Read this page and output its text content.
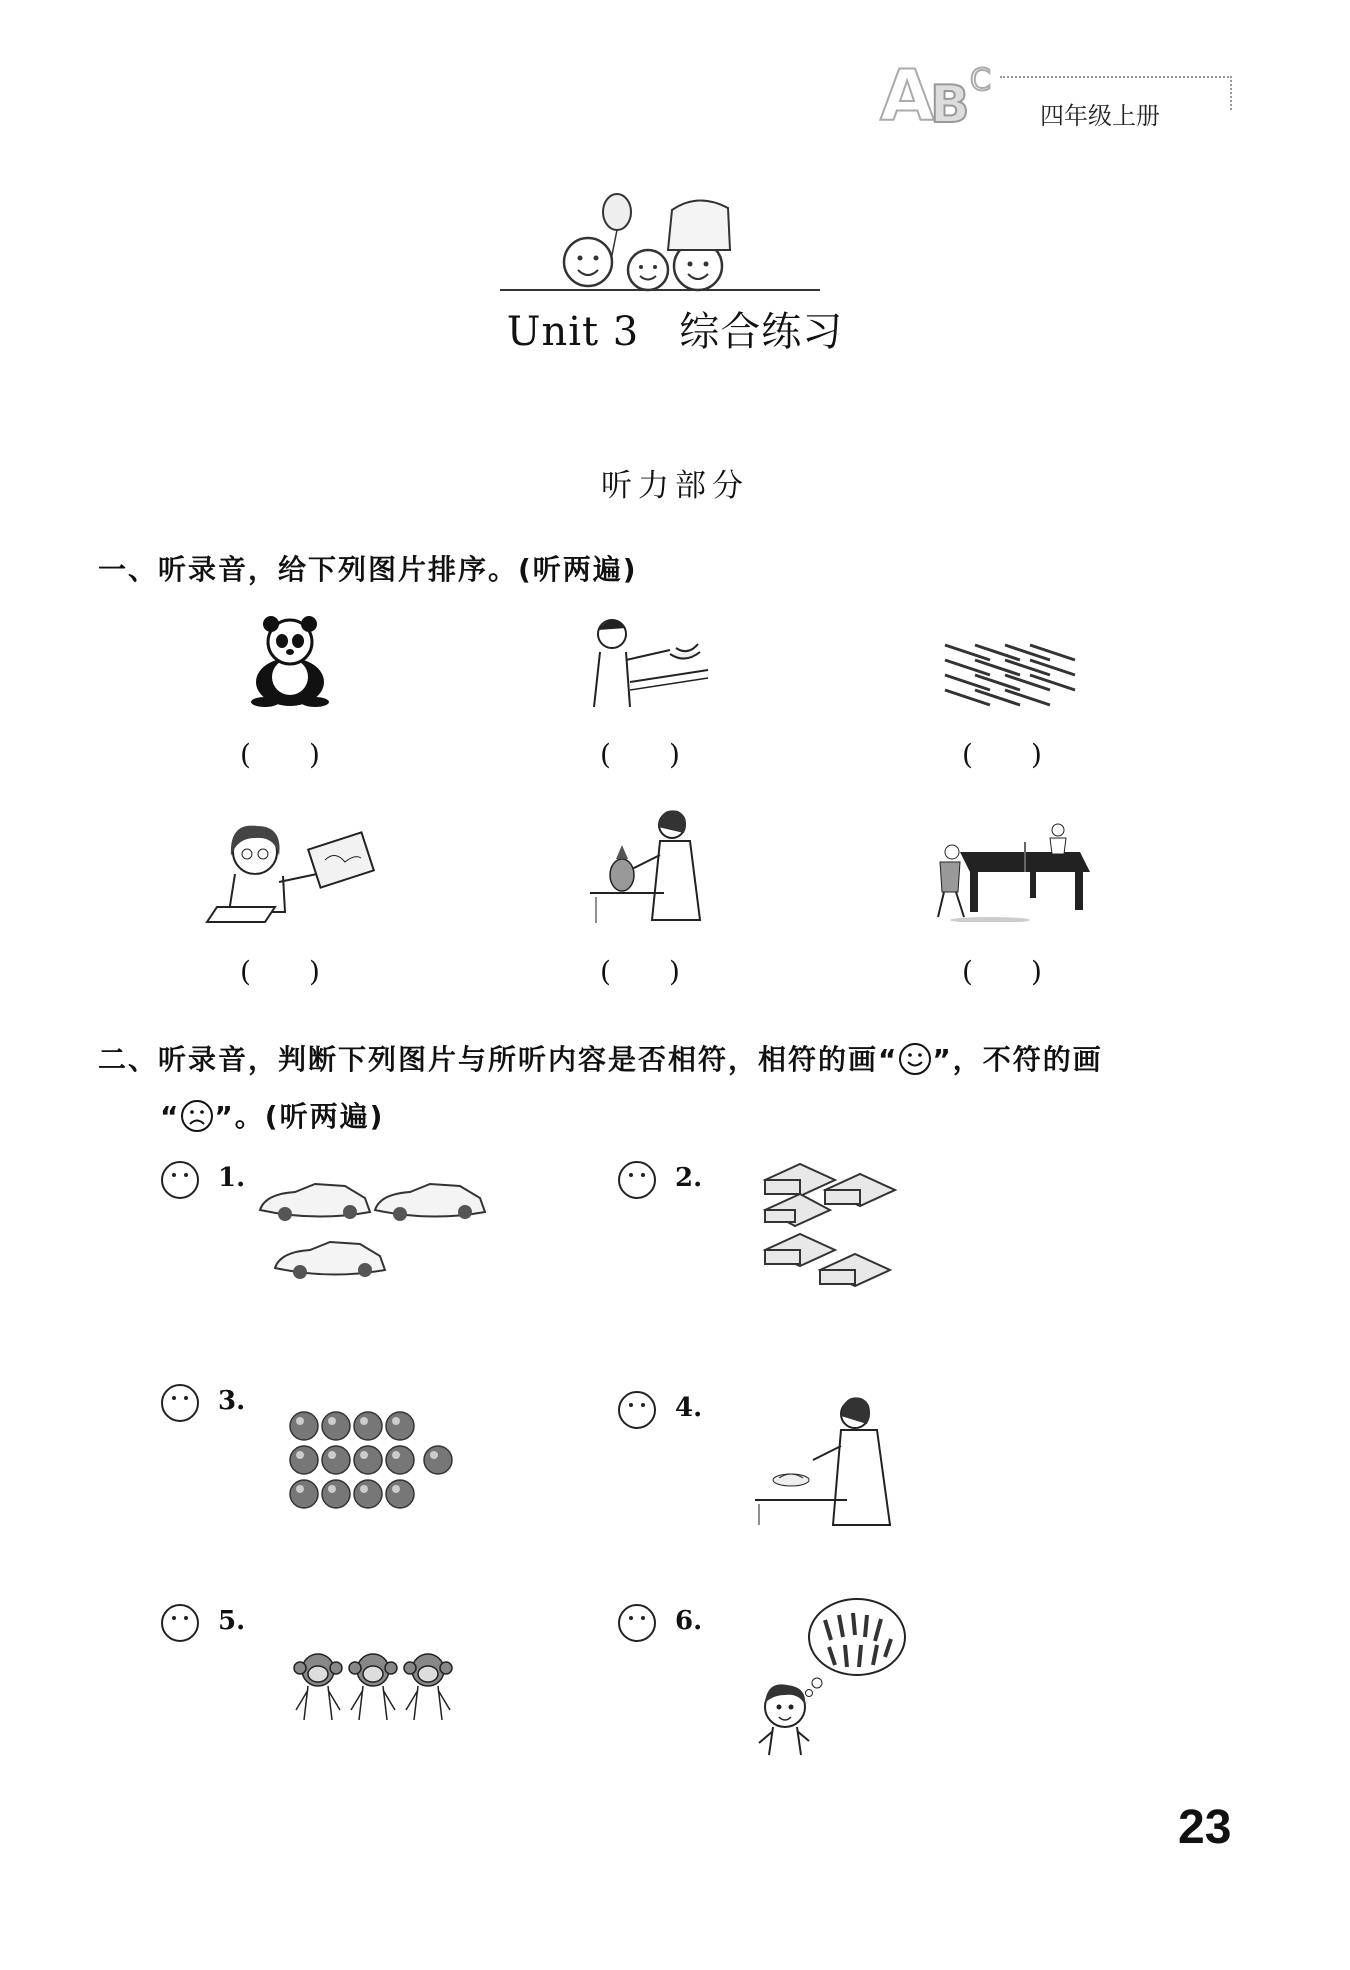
A
B C
四年级上册
Unit 3 综合练习
听力部分
一、听录音，给下列图片排序。(听两遍)
( )	( )	( )
( )	( )	( )
二、听录音，判断下列图片与所听内容是否相符，相符的画“ ”，不符的画
“ ”。(听两遍)
1.	2.
3.	4.
5.	6.
23
